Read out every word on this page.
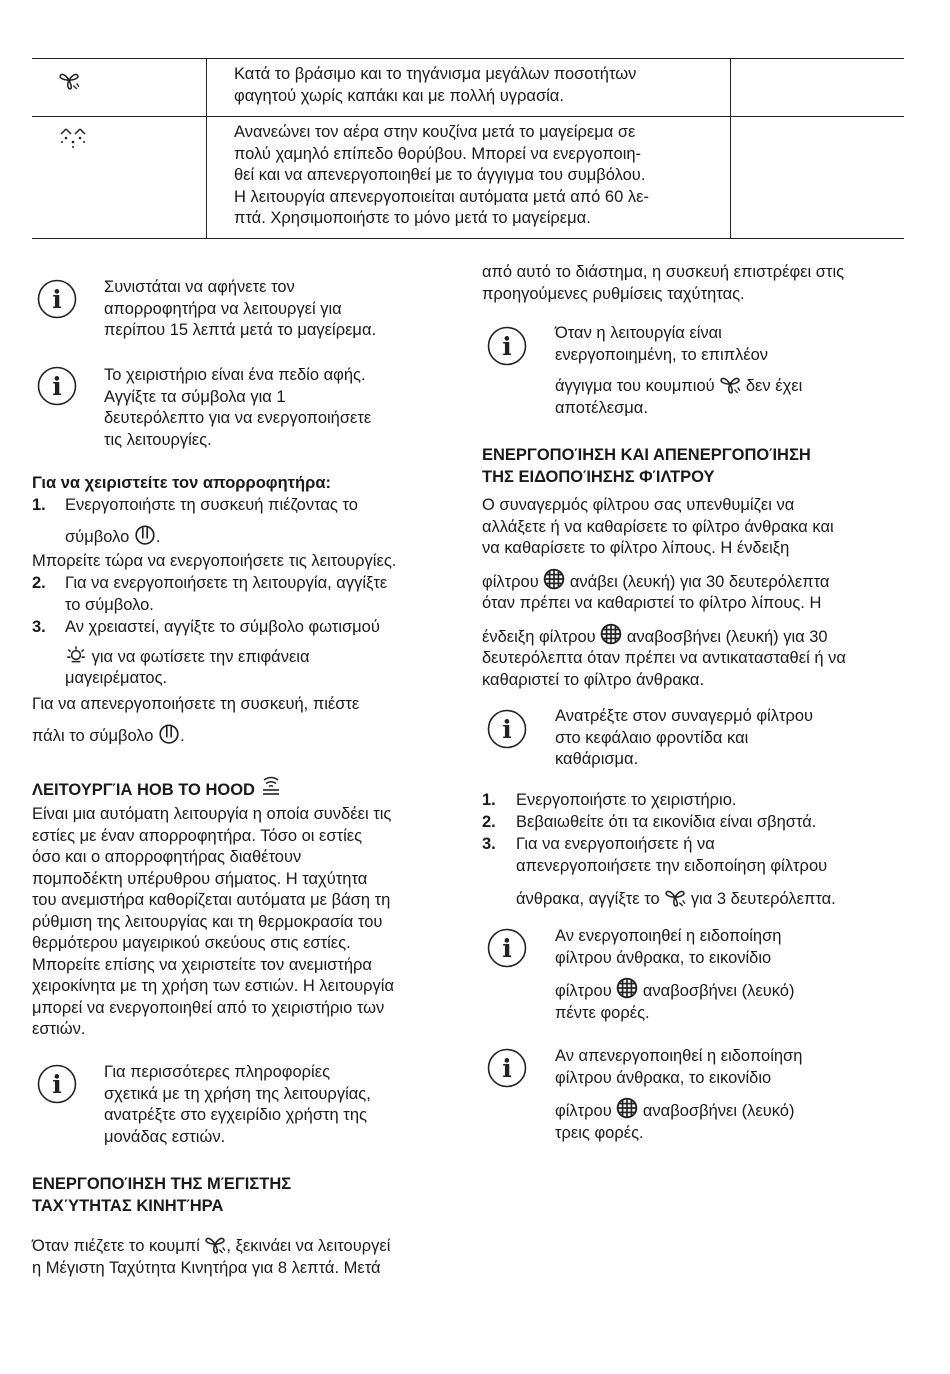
Κατά το βράσιμο και το τηγάνισμα μεγάλων ποσοτήτων
φαγητού χωρίς καπάκι και με πολλή υγρασία.
Ανανεώνει τον αέρα στην κουζίνα μετά το μαγείρεμα σε
πολύ χαμηλό επίπεδο θορύβου. Μπορεί να ενεργοποιη-
θεί και να απενεργοποιηθεί με το άγγιγμα του συμβόλου.
Η λειτουργία απενεργοποιείται αυτόματα μετά από 60 λε-
πτά. Χρησιμοποιήστε το μόνο μετά το μαγείρεμα.
Συνιστάται να αφήνετε τον
απορροφητήρα να λειτουργεί για
περίπου 15 λεπτά μετά το μαγείρεμα.
Το χειριστήριο είναι ένα πεδίο αφής.
Αγγίξτε τα σύμβολα για 1
δευτερόλεπτο για να ενεργοποιήσετε
τις λειτουργίες.
Για να χειριστείτε τον απορροφητήρα:
1. Ενεργοποιήστε τη συσκευή πιέζοντας το
σύμβολο .
Μπορείτε τώρα να ενεργοποιήσετε τις λειτουργίες.
2. Για να ενεργοποιήσετε τη λειτουργία, αγγίξτε
το σύμβολο.
3. Αν χρειαστεί, αγγίξτε το σύμβολο φωτισμού
για να φωτίσετε την επιφάνεια
μαγειρέματος.
Για να απενεργοποιήσετε τη συσκευή, πιέστε
πάλι το σύμβολο .
ΛΕΙΤΟΥΡΓΊΑ HOB TO HOOD
Είναι μια αυτόματη λειτουργία η οποία συνδέει τις
εστίες με έναν απορροφητήρα. Τόσο οι εστίες
όσο και ο απορροφητήρας διαθέτουν
πομποδέκτη υπέρυθρου σήματος. Η ταχύτητα
του ανεμιστήρα καθορίζεται αυτόματα με βάση τη
ρύθμιση της λειτουργίας και τη θερμοκρασία του
θερμότερου μαγειρικού σκεύους στις εστίες.
Μπορείτε επίσης να χειριστείτε τον ανεμιστήρα
χειροκίνητα με τη χρήση των εστιών. Η λειτουργία
μπορεί να ενεργοποιηθεί από το χειριστήριο των
εστιών.
Για περισσότερες πληροφορίες
σχετικά με τη χρήση της λειτουργίας,
ανατρέξτε στο εγχειρίδιο χρήστη της
μονάδας εστιών.
ΕΝΕΡΓΟΠΟΊΗΣΗ ΤΗΣ ΜΈΓΙΣΤΗΣ
ΤΑΧΎΤΗΤΑΣ ΚΙΝΗΤΉΡΑ
Όταν πιέζετε το κουμπί , ξεκινάει να λειτουργεί
η Μέγιστη Ταχύτητα Κινητήρα για 8 λεπτά. Μετά
από αυτό το διάστημα, η συσκευή επιστρέφει στις
προηγούμενες ρυθμίσεις ταχύτητας.
Όταν η λειτουργία είναι
ενεργοποιημένη, το επιπλέον
άγγιγμα του κουμπιού
δεν έχει
αποτέλεσμα.
ΕΝΕΡΓΟΠΟΊΗΣΗ ΚΑΙ ΑΠΕΝΕΡΓΟΠΟΊΗΣΗ
ΤΗΣ ΕΙΔΟΠΟΊΗΣΗΣ ΦΊΛΤΡΟΥ
Ο συναγερμός φίλτρου σας υπενθυμίζει να
αλλάξετε ή να καθαρίσετε το φίλτρο άνθρακα και
να καθαρίσετε το φίλτρο λίπους. Η ένδειξη
φίλτρου
ανάβει (λευκή) για 30 δευτερόλεπτα
όταν πρέπει να καθαριστεί το φίλτρο λίπους. Η
ένδειξη φίλτρου
αναβοσβήνει (λευκή) για 30
δευτερόλεπτα όταν πρέπει να αντικατασταθεί ή να
καθαριστεί το φίλτρο άνθρακα.
Ανατρέξτε στον συναγερμό φίλτρου
στο κεφάλαιο φροντίδα και
καθάρισμα.
1. Ενεργοποιήστε το χειριστήριο.
2. Βεβαιωθείτε ότι τα εικονίδια είναι σβηστά.
3. Για να ενεργοποιήσετε ή να
απενεργοποιήσετε την ειδοποίηση φίλτρου
άνθρακα, αγγίξτε το
για 3 δευτερόλεπτα.
Αν ενεργοποιηθεί η ειδοποίηση
φίλτρου άνθρακα, το εικονίδιο
φίλτρου
αναβοσβήνει (λευκό)
πέντε φορές.
Αν απενεργοποιηθεί η ειδοποίηση
φίλτρου άνθρακα, το εικονίδιο
φίλτρου
αναβοσβήνει (λευκό)
τρεις φορές.
